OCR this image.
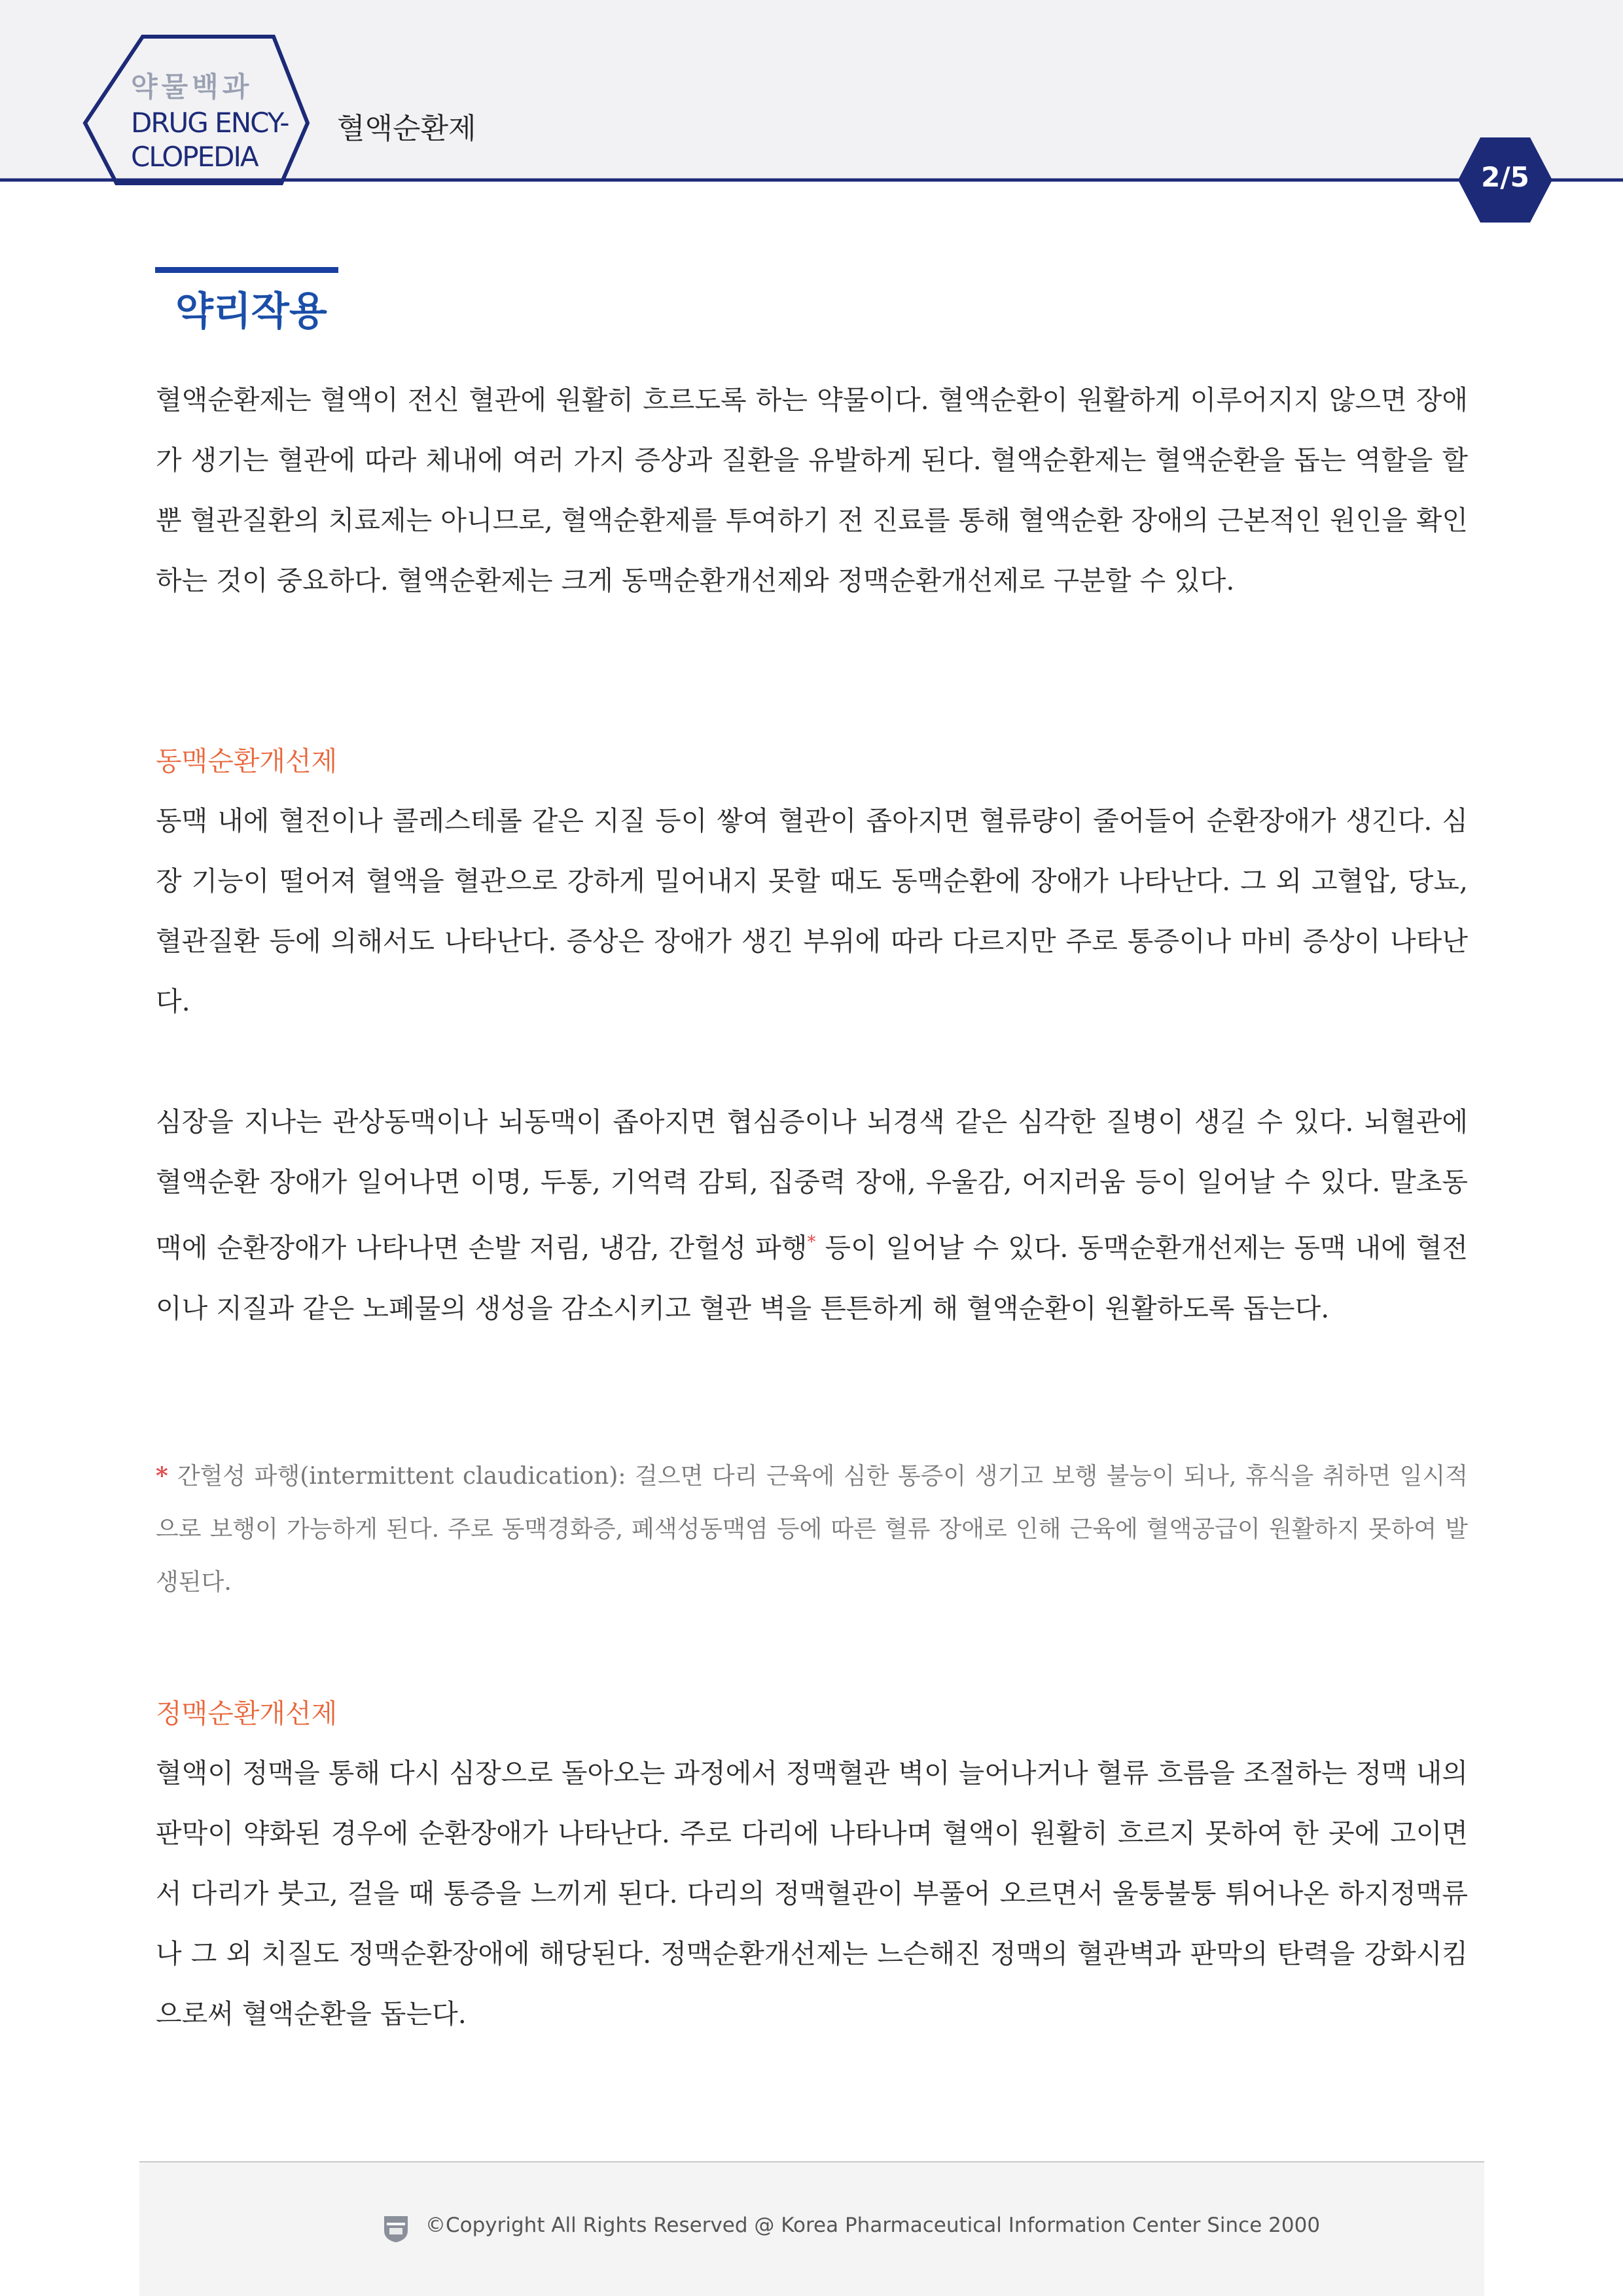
약물백과
DRUG ENCY-
CLOPEDIA
혈액순환제
2/5
약리작용

혈액순환제는 혈액이 전신 혈관에 원활히 흐르도록 하는 약물이다. 혈액순환이 원활하게 이루어지지 않으면 장애가 생기는 혈관에 따라 체내에 여러 가지 증상과 질환을 유발하게 된다. 혈액순환제는 혈액순환을 돕는 역할을 할 뿐 혈관질환의 치료제는 아니므로, 혈액순환제를 투여하기 전 진료를 통해 혈액순환 장애의 근본적인 원인을 확인하는 것이 중요하다. 혈액순환제는 크게 동맥순환개선제와 정맥순환개선제로 구분할 수 있다.

동맥순환개선제

동맥 내에 혈전이나 콜레스테롤 같은 지질 등이 쌓여 혈관이 좁아지면 혈류량이 줄어들어 순환장애가 생긴다. 심장 기능이 떨어져 혈액을 혈관으로 강하게 밀어내지 못할 때도 동맥순환에 장애가 나타난다. 그 외 고혈압, 당뇨, 혈관질환 등에 의해서도 나타난다. 증상은 장애가 생긴 부위에 따라 다르지만 주로 통증이나 마비 증상이 나타난다.

심장을 지나는 관상동맥이나 뇌동맥이 좁아지면 협심증이나 뇌경색 같은 심각한 질병이 생길 수 있다. 뇌혈관에 혈액순환 장애가 일어나면 이명, 두통, 기억력 감퇴, 집중력 장애, 우울감, 어지러움 등이 일어날 수 있다. 말초동맥에 순환장애가 나타나면 손발 저림, 냉감, 간헐성 파행* 등이 일어날 수 있다. 동맥순환개선제는 동맥 내에 혈전이나 지질과 같은 노폐물의 생성을 감소시키고 혈관 벽을 튼튼하게 해 혈액순환이 원활하도록 돕는다.

* 간헐성 파행(intermittent claudication): 걸으면 다리 근육에 심한 통증이 생기고 보행 불능이 되나, 휴식을 취하면 일시적으로 보행이 가능하게 된다. 주로 동맥경화증, 폐색성동맥염 등에 따른 혈류 장애로 인해 근육에 혈액공급이 원활하지 못하여 발생된다.

정맥순환개선제

혈액이 정맥을 통해 다시 심장으로 돌아오는 과정에서 정맥혈관 벽이 늘어나거나 혈류 흐름을 조절하는 정맥 내의 판막이 약화된 경우에 순환장애가 나타난다. 주로 다리에 나타나며 혈액이 원활히 흐르지 못하여 한 곳에 고이면서 다리가 붓고, 걸을 때 통증을 느끼게 된다. 다리의 정맥혈관이 부풀어 오르면서 울퉁불퉁 튀어나온 하지정맥류나 그 외 치질도 정맥순환장애에 해당된다. 정맥순환개선제는 느슨해진 정맥의 혈관벽과 판막의 탄력을 강화시킴으로써 혈액순환을 돕는다.

©Copyright All Rights Reserved @ Korea Pharmaceutical Information Center Since 2000
